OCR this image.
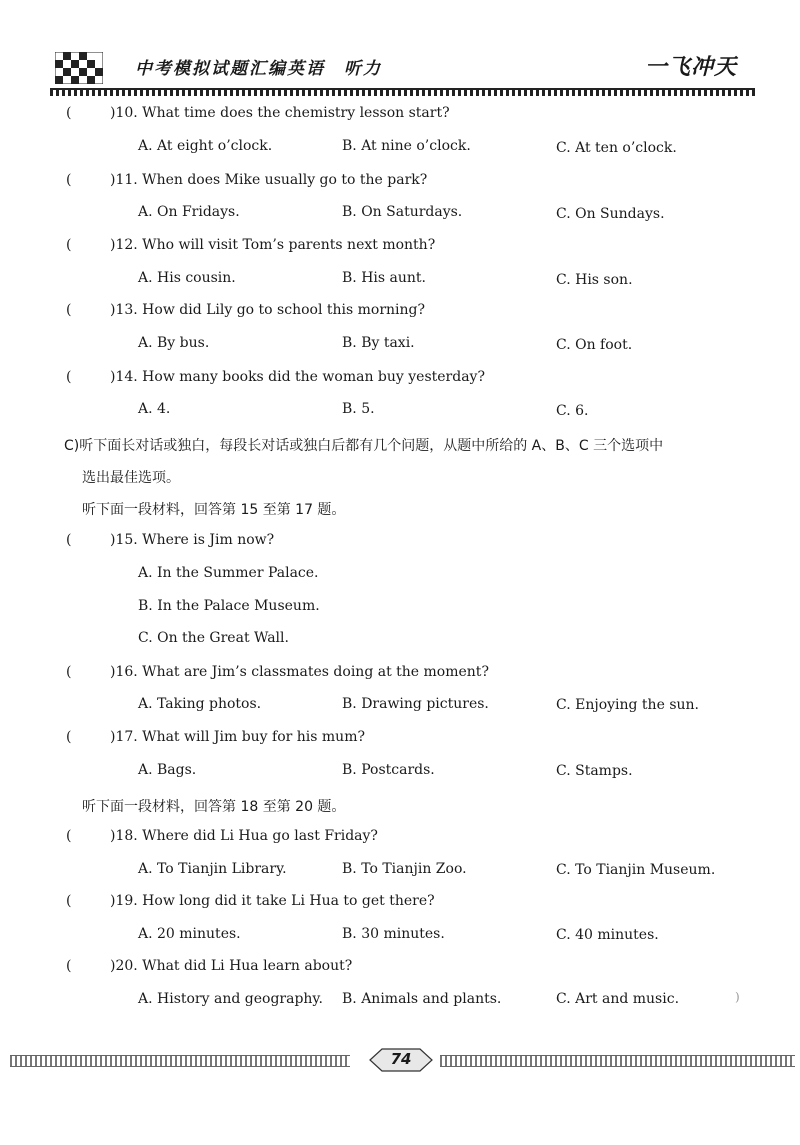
中考模拟试题汇编英语　听力	一飞冲天
(	)10. What time does the chemistry lesson start?
A. At eight o’clock.	B. At nine o’clock.	C. At ten o’clock.
(	)11. When does Mike usually go to the park?
A. On Fridays.	B. On Saturdays.	C. On Sundays.
(	)12. Who will visit Tom’s parents next month?
A. His cousin.	B. His aunt.	C. His son.
(	)13. How did Lily go to school this morning?
A. By bus.	B. By taxi.	C. On foot.
(	)14. How many books did the woman buy yesterday?
A. 4.	B. 5.	C. 6.
C)听下面长对话或独白，每段长对话或独白后都有几个问题，从题中所给的 A、B、C 三个选项中
选出最佳选项。
听下面一段材料，回答第 15 至第 17 题。
(	)15. Where is Jim now?
A. In the Summer Palace.
B. In the Palace Museum.
C. On the Great Wall.
(	)16. What are Jim’s classmates doing at the moment?
A. Taking photos.	B. Drawing pictures.	C. Enjoying the sun.
(	)17. What will Jim buy for his mum?
A. Bags.	B. Postcards.	C. Stamps.
听下面一段材料，回答第 18 至第 20 题。
(	)18. Where did Li Hua go last Friday?
A. To Tianjin Library.	B. To Tianjin Zoo.	C. To Tianjin Museum.
(	)19. How long did it take Li Hua to get there?
A. 20 minutes.	B. 30 minutes.	C. 40 minutes.
(	)20. What did Li Hua learn about?
A. History and geography. B. Animals and plants.	C. Art and music.	)
74
